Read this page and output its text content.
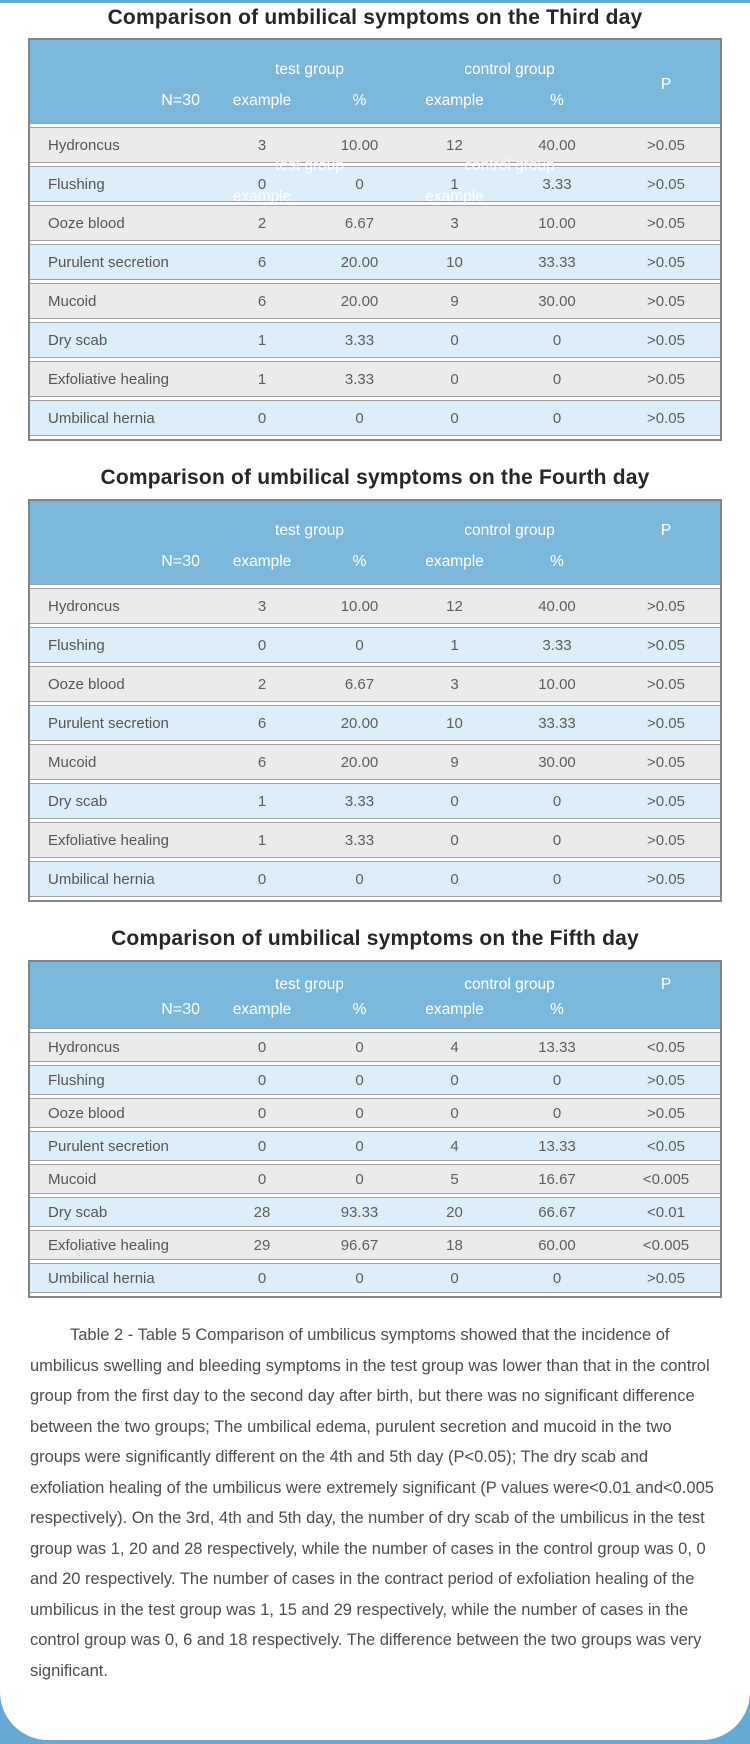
Comparison of umbilical symptoms on the Third day
test group	control group
P
N=30	example	%	example	%
test group	control group
example	example
Hydroncus	3	10.00	12	40.00	>0.05
Flushing	0	0	1	3.33	>0.05
Ooze blood	2	6.67	3	10.00	>0.05
Purulent secretion	6	20.00	10	33.33	>0.05
Mucoid	6	20.00	9	30.00	>0.05
Dry scab	1	3.33	0	0	>0.05
Exfoliative healing	1	3.33	0	0	>0.05
Umbilical hernia	0	0	0	0	>0.05
Comparison of umbilical symptoms on the Fourth day
test group	control group	P
N=30	example	%	example	%
Hydroncus	3	10.00	12	40.00	>0.05
Flushing	0	0	1	3.33	>0.05
Ooze blood	2	6.67	3	10.00	>0.05
Purulent secretion	6	20.00	10	33.33	>0.05
Mucoid	6	20.00	9	30.00	>0.05
Dry scab	1	3.33	0	0	>0.05
Exfoliative healing	1	3.33	0	0	>0.05
Umbilical hernia	0	0	0	0	>0.05
Comparison of umbilical symptoms on the Fifth day
test group	control group	P
N=30	example	%	example	%
Hydroncus	0	0	4	13.33	<0.05
Flushing	0	0	0	0	>0.05
Ooze blood	0	0	0	0	>0.05
Purulent secretion	0	0	4	13.33	<0.05
Mucoid	0	0	5	16.67	<0.005
Dry scab	28	93.33	20	66.67	<0.01
Exfoliative healing	29	96.67	18	60.00	<0.005
Umbilical hernia	0	0	0	0	>0.05

Table 2 - Table 5 Comparison of umbilicus symptoms showed that the incidence of umbilicus swelling and bleeding symptoms in the test group was lower than that in the control group from the first day to the second day after birth, but there was no significant difference between the two groups; The umbilical edema, purulent secretion and mucoid in the two groups were significantly different on the 4th and 5th day (P<0.05); The dry scab and exfoliation healing of the umbilicus were extremely significant (P values were<0.01 and<0.005 respectively). On the 3rd, 4th and 5th day, the number of dry scab of the umbilicus in the test group was 1, 20 and 28 respectively, while the number of cases in the control group was 0, 0 and 20 respectively. The number of cases in the contract period of exfoliation healing of the umbilicus in the test group was 1, 15 and 29 respectively, while the number of cases in the control group was 0, 6 and 18 respectively. The difference between the two groups was very significant.
